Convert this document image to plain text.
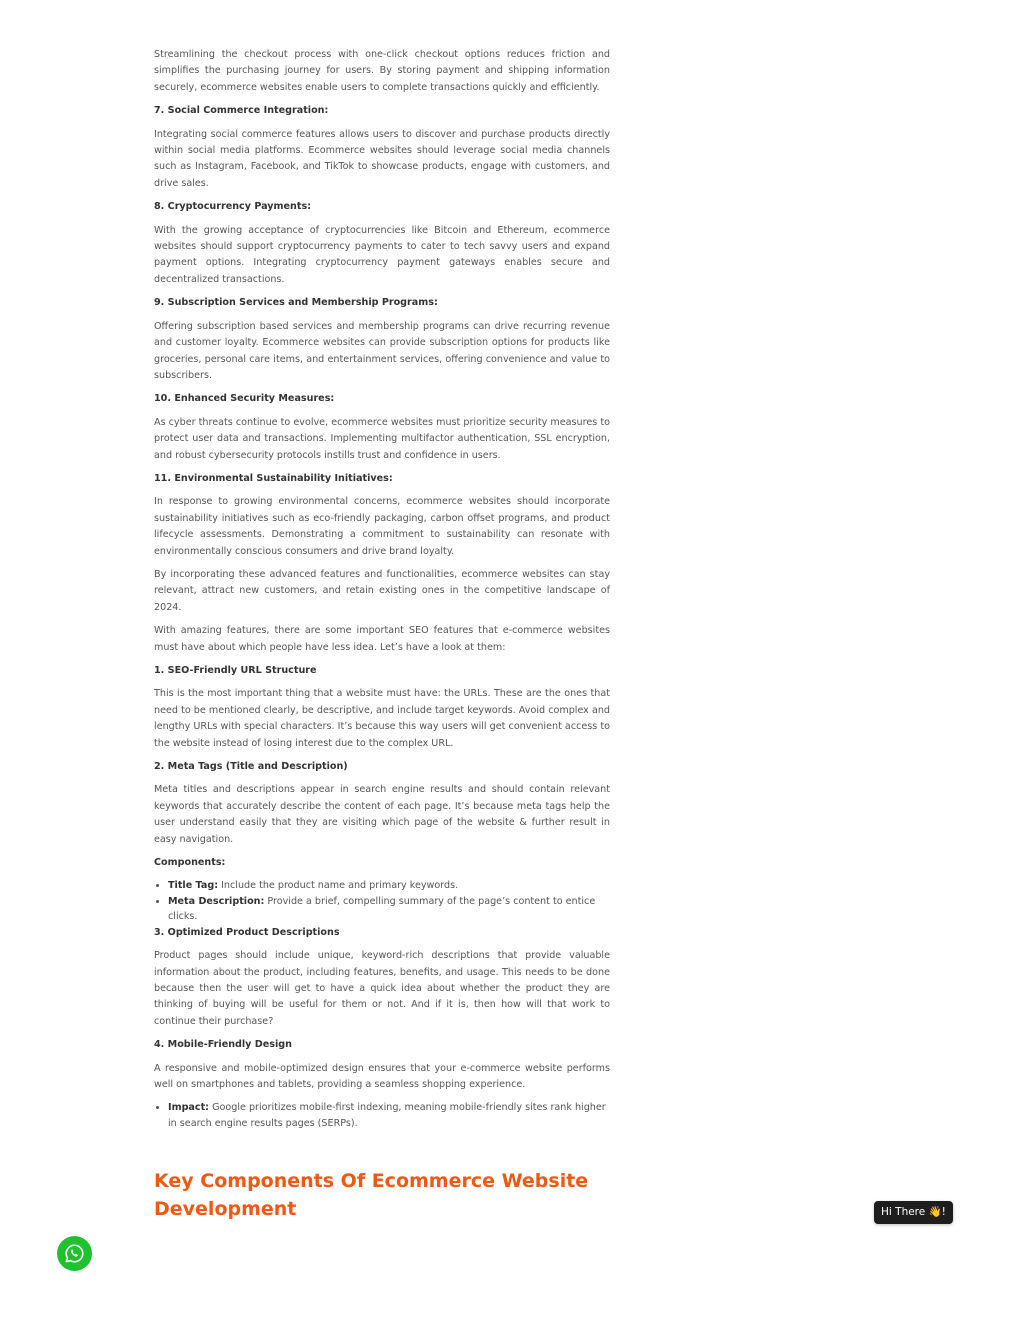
Streamlining the checkout process with one-click checkout options reduces friction and simplifies the purchasing journey for users. By storing payment and shipping information securely, ecommerce websites enable users to complete transactions quickly and efficiently.

7. Social Commerce Integration:

Integrating social commerce features allows users to discover and purchase products directly within social media platforms. Ecommerce websites should leverage social media channels such as Instagram, Facebook, and TikTok to showcase products, engage with customers, and drive sales.

8. Cryptocurrency Payments:

With the growing acceptance of cryptocurrencies like Bitcoin and Ethereum, ecommerce websites should support cryptocurrency payments to cater to tech savvy users and expand payment options. Integrating cryptocurrency payment gateways enables secure and decentralized transactions.

9. Subscription Services and Membership Programs:

Offering subscription based services and membership programs can drive recurring revenue and customer loyalty. Ecommerce websites can provide subscription options for products like groceries, personal care items, and entertainment services, offering convenience and value to subscribers.

10. Enhanced Security Measures:

As cyber threats continue to evolve, ecommerce websites must prioritize security measures to protect user data and transactions. Implementing multifactor authentication, SSL encryption, and robust cybersecurity protocols instills trust and confidence in users.

11. Environmental Sustainability Initiatives:

In response to growing environmental concerns, ecommerce websites should incorporate sustainability initiatives such as eco-friendly packaging, carbon offset programs, and product lifecycle assessments. Demonstrating a commitment to sustainability can resonate with environmentally conscious consumers and drive brand loyalty.

By incorporating these advanced features and functionalities, ecommerce websites can stay relevant, attract new customers, and retain existing ones in the competitive landscape of 2024.

With amazing features, there are some important SEO features that e-commerce websites must have about which people have less idea. Let’s have a look at them:

1. SEO-Friendly URL Structure

This is the most important thing that a website must have: the URLs. These are the ones that need to be mentioned clearly, be descriptive, and include target keywords. Avoid complex and lengthy URLs with special characters. It’s because this way users will get convenient access to the website instead of losing interest due to the complex URL.

2. Meta Tags (Title and Description)

Meta titles and descriptions appear in search engine results and should contain relevant keywords that accurately describe the content of each page. It’s because meta tags help the user understand easily that they are visiting which page of the website & further result in easy navigation.

Components:
• Title Tag: Include the product name and primary keywords.
• Meta Description: Provide a brief, compelling summary of the page’s content to entice clicks.
3. Optimized Product Descriptions

Product pages should include unique, keyword-rich descriptions that provide valuable information about the product, including features, benefits, and usage. This needs to be done because then the user will get to have a quick idea about whether the product they are thinking of buying will be useful for them or not. And if it is, then how will that work to continue their purchase?

4. Mobile-Friendly Design

A responsive and mobile-optimized design ensures that your e-commerce website performs well on smartphones and tablets, providing a seamless shopping experience.

• Impact: Google prioritizes mobile-first indexing, meaning mobile-friendly sites rank higher in search engine results pages (SERPs).
Key Components Of Ecommerce Website Development	Hi There 👋!
